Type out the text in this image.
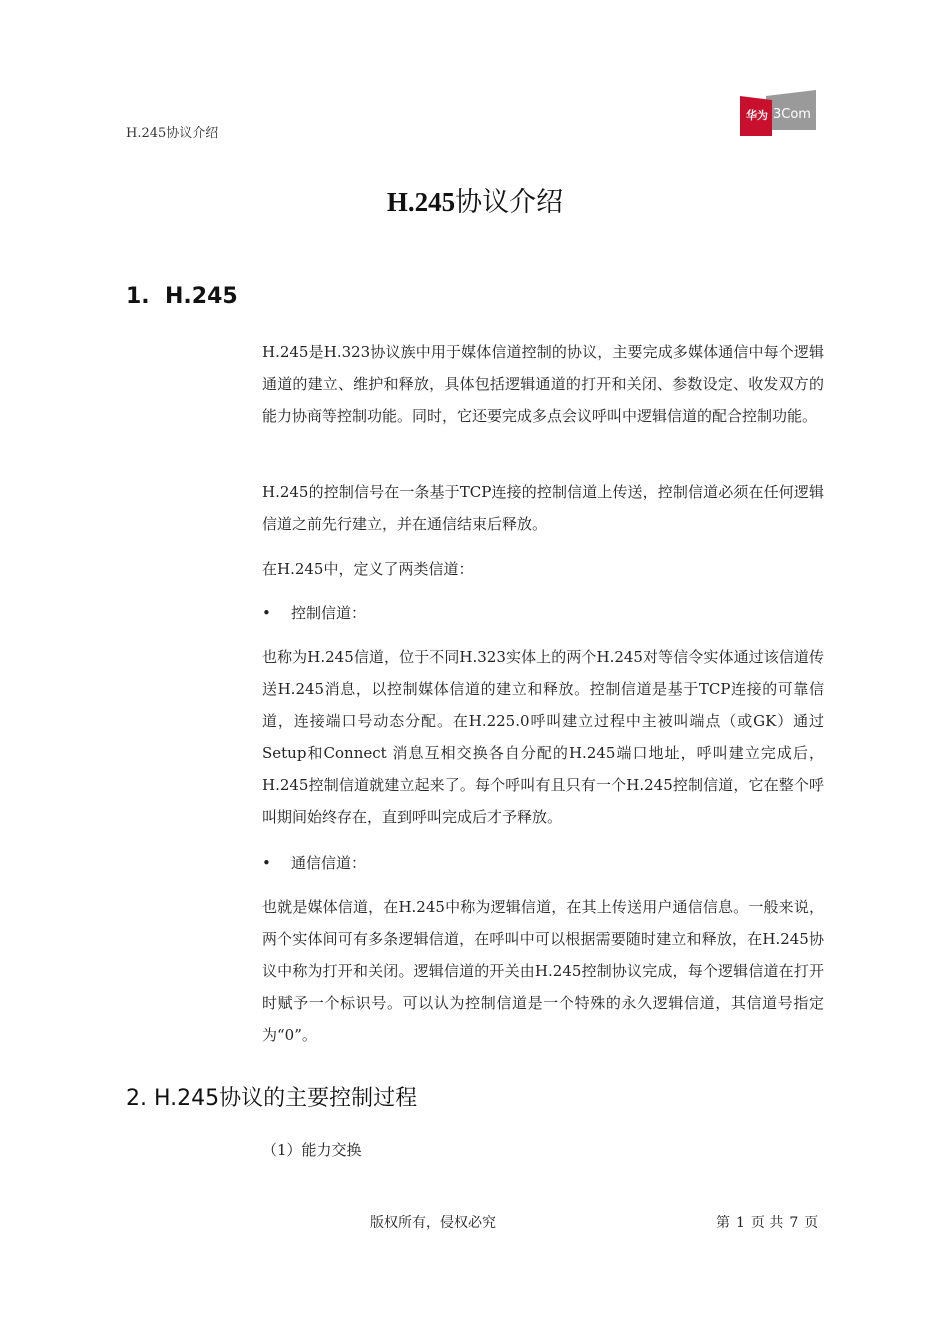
H.245协议介绍
华为 3Com
H.245协议介绍
1. H.245
H.245是H.323协议族中用于媒体信道控制的协议，主要完成多媒体通信中每个逻辑通道的建立、维护和释放，具体包括逻辑通道的打开和关闭、参数设定、收发双方的能力协商等控制功能。同时，它还要完成多点会议呼叫中逻辑信道的配合控制功能。
H.245的控制信号在一条基于TCP连接的控制信道上传送，控制信道必须在任何逻辑信道之前先行建立，并在通信结束后释放。
在H.245中，定义了两类信道：
• 控制信道：
也称为H.245信道，位于不同H.323实体上的两个H.245对等信令实体通过该信道传送H.245消息，以控制媒体信道的建立和释放。控制信道是基于TCP连接的可靠信道，连接端口号动态分配。在H.225.0呼叫建立过程中主被叫端点（或GK）通过Setup和Connect 消息互相交换各自分配的H.245端口地址，呼叫建立完成后，H.245控制信道就建立起来了。每个呼叫有且只有一个H.245控制信道，它在整个呼叫期间始终存在，直到呼叫完成后才予释放。
• 通信信道：
也就是媒体信道，在H.245中称为逻辑信道，在其上传送用户通信信息。一般来说，两个实体间可有多条逻辑信道，在呼叫中可以根据需要随时建立和释放，在H.245协议中称为打开和关闭。逻辑信道的开关由H.245控制协议完成，每个逻辑信道在打开时赋予一个标识号。可以认为控制信道是一个特殊的永久逻辑信道，其信道号指定为“0”。
2. H.245协议的主要控制过程
（1）能力交换
版权所有，侵权必究	第 1 页 共 7 页
